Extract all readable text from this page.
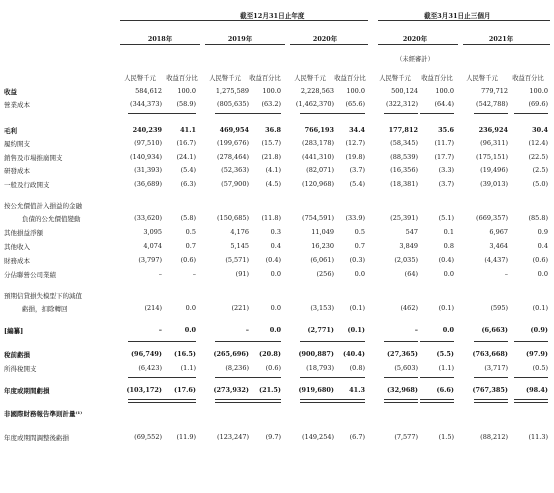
截至12月31日止年度	截至3月31日止三個月
2018年	2019年	2020年	2020年	2021年
（未經審計）
人民幣千元	收益百分比	人民幣千元	收益百分比	人民幣千元	收益百分比	人民幣千元	收益百分比	人民幣千元	收益百分比
收益	584,612	100.0	1,275,589	100.0	2,228,563	100.0	500,124	100.0	779,712	100.0
營業成本	(344,373)	(58.9)	(805,635)	(63.2)	(1,462,370)	(65.6)	(322,312)	(64.4)	(542,788)	(69.6)
毛利	240,239	41.1	469,954	36.8	766,193	34.4	177,812	35.6	236,924	30.4
履約開支	(97,510)	(16.7)	(199,676)	(15.7)	(283,178)	(12.7)	(58,345)	(11.7)	(96,311)	(12.4)
銷售及市場推廣開支	(140,934)	(24.1)	(278,464)	(21.8)	(441,310)	(19.8)	(88,539)	(17.7)	(175,151)	(22.5)
研發成本	(31,393)	(5.4)	(52,363)	(4.1)	(82,071)	(3.7)	(16,356)	(3.3)	(19,496)	(2.5)
一般及行政開支	(36,689)	(6.3)	(57,900)	(4.5)	(120,968)	(5.4)	(18,381)	(3.7)	(39,013)	(5.0)
按公允價值計入損益的金融
負債的公允價值變動	(33,620)	(5.8)	(150,685)	(11.8)	(754,591)	(33.9)	(25,391)	(5.1)	(669,357)	(85.8)
其他損益淨額	3,095	0.5	4,176	0.3	11,049	0.5	547	0.1	6,967	0.9
其他收入	4,074	0.7	5,145	0.4	16,230	0.7	3,849	0.8	3,464	0.4
財務成本	(3,797)	(0.6)	(5,571)	(0.4)	(6,061)	(0.3)	(2,035)	(0.4)	(4,437)	(0.6)
分佔聯營公司業績	–	–	(91)	0.0	(256)	0.0	(64)	0.0	–	0.0
預期信貸損失模型下的減值
虧損，扣除轉回	(214)	0.0	(221)	0.0	(3,153)	(0.1)	(462)	(0.1)	(595)	(0.1)
[編纂]	–	0.0	–	0.0	(2,771)	(0.1)	–	0.0	(6,663)	(0.9)
稅前虧損	(96,749)	(16.5)	(265,696)	(20.8)	(900,887)	(40.4)	(27,365)	(5.5)	(763,668)	(97.9)
所得稅開支	(6,423)	(1.1)	(8,236)	(0.6)	(18,793)	(0.8)	(5,603)	(1.1)	(3,717)	(0.5)
年度或期間虧損	(103,172)	(17.6)	(273,932)	(21.5)	(919,680)	41.3	(32,968)	(6.6)	(767,385)	(98.4)
非國際財務報告準則計量⁽¹⁾
年度或期間調整後虧損	(69,552)	(11.9)	(123,247)	(9.7)	(149,254)	(6.7)	(7,577)	(1.5)	(88,212)	(11.3)
